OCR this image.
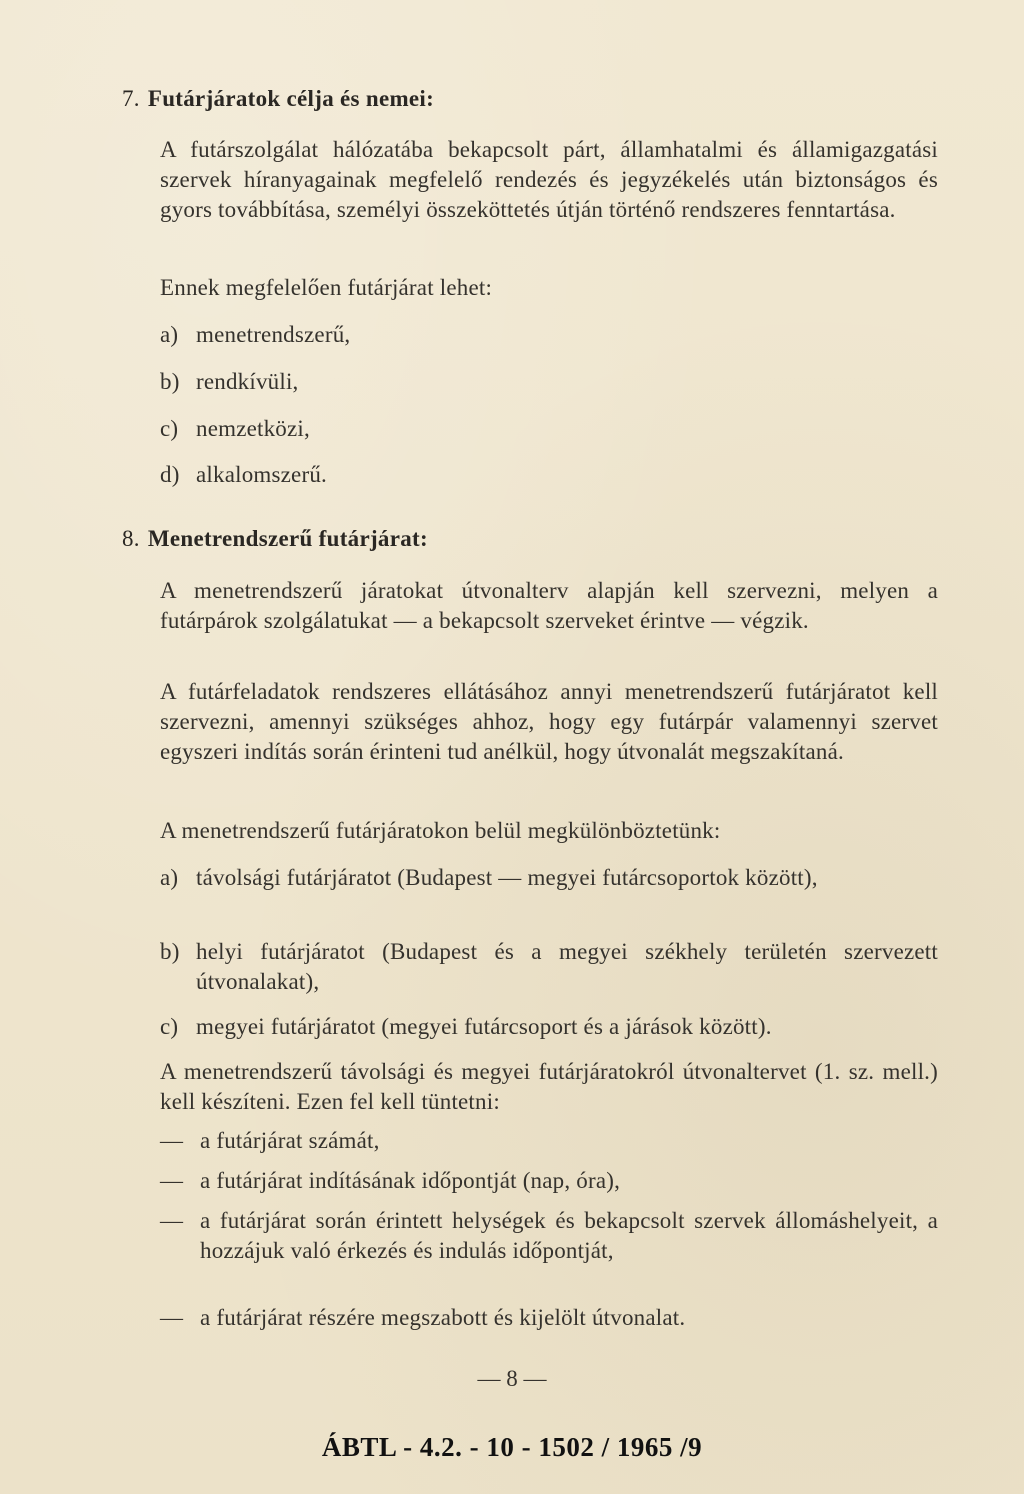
7. Futárjáratok célja és nemei:
A futárszolgálat hálózatába bekapcsolt párt, államhatalmi és államigazgatási szervek híranyagainak megfelelő rendezés és jegyzékelés után biztonságos és gyors továbbítása, személyi összeköttetés útján történő rendszeres fenntartása.
Ennek megfelelően futárjárat lehet:
a) menetrendszerű,
b) rendkívüli,
c) nemzetközi,
d) alkalomszerű.
8. Menetrendszerű futárjárat:
A menetrendszerű járatokat útvonalterv alapján kell szervezni, melyen a futárpárok szolgálatukat — a bekapcsolt szerveket érintve — végzik.
A futárfeladatok rendszeres ellátásához annyi menetrendszerű futárjáratot kell szervezni, amennyi szükséges ahhoz, hogy egy futárpár valamennyi szervet egyszeri indítás során érinteni tud anélkül, hogy útvonalát megszakítaná.
A menetrendszerű futárjáratokon belül megkülönböztetünk:
a) távolsági futárjáratot (Budapest — megyei futárcsoportok között),
b) helyi futárjáratot (Budapest és a megyei székhely területén szervezett útvonalakat),
c) megyei futárjáratot (megyei futárcsoport és a járások között).
A menetrendszerű távolsági és megyei futárjáratokról útvonaltervet (1. sz. mell.) kell készíteni. Ezen fel kell tüntetni:
— a futárjárat számát,
— a futárjárat indításának időpontját (nap, óra),
— a futárjárat során érintett helységek és bekapcsolt szervek állomáshelyeit, a hozzájuk való érkezés és indulás időpontját,
— a futárjárat részére megszabott és kijelölt útvonalat.
— 8 —
ÁBTL - 4.2. - 10 - 1502 / 1965 /9
